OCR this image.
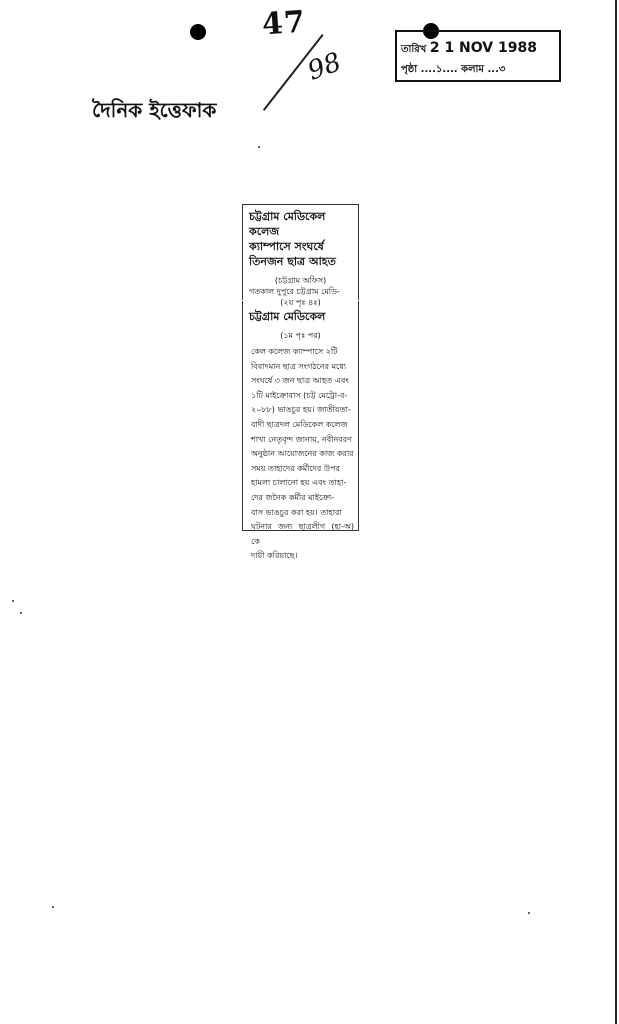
47
98	তারিখ 2 1 NOV 1988
পৃষ্ঠা ....১.... কলাম ...৩
দৈনিক ইত্তেফাক
চট্টগ্রাম মেডিকেল কলেজ
ক্যাম্পাসে সংঘর্ষে
তিনজন ছাত্র আহত
(চট্টগ্রাম অফিস)
গতকাল দুপুরে চট্টগ্রাম মেডি-
(২য় পৃঃ ৪ঃ)
চট্টগ্রাম মেডিকেল
(১ম পৃঃ পর)
কেল কলেজ ক্যাম্পাসে ২টি
বিবাদমান ছাত্র সংগঠনের মধ্যে
সংঘর্ষে ৩ জন ছাত্র আহত এবং
১টি মাইক্রোবাস (চট্ট মেট্রো-ব-
২০৮৮) ভাঙচুর হয়। জাতীয়তা-
বাদী ছাত্রদল মেডিকেল কলেজ
শাখা নেতৃবৃন্দ জানায়, নবীনবরণ
অনুষ্ঠান আয়োজনের কাজ করার
সময় তাহাদের কর্মীদের উপর
হামলা চালানো হয় এবং তাহা-
দের জনৈক কর্মীর মাইক্রো-
বাস ভাঙচুর করা হয়। তাহারা
ঘটনার জন্য ছাত্রলীগ (হা-অ) কে
দায়ী করিয়াছে।
